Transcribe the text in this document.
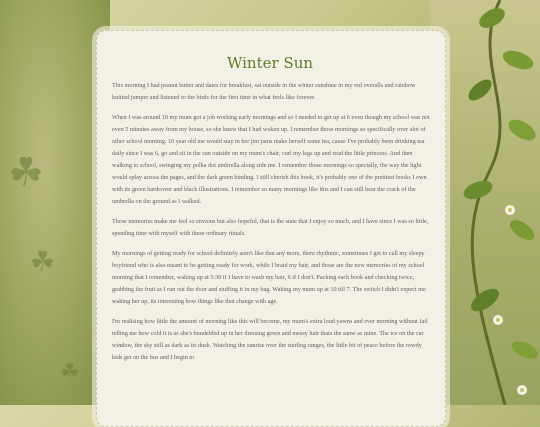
☘
☘
☘
Winter Sun

This morning I had peanut butter and dates for breakfast, sat outside in the winter sunshine in my red overalls and rainbow knitted jumper and listened to the birds for the first time in what feels like forever.

When I was around 10 my mum got a job working early mornings and so I needed to get up at 6 even though my school was not even 5 minutes away from my house, so she knew that I had woken up. I remember those mornings so specifically over alot of other school morning. 10 year old me would stay in her jim jams make herself some tea, cause I've probably been drinking tea daily since I was 6, go and sit in the sun outside on my mum's chair, curl my legs up and read the little princess. And then walking to school, swinging my polka dot umbrella along side me. I remember those mornings so specially, the way the light would splay across the pages, and the dark green binding. I still cherish this book, it's probably one of the prettiest books I own with its green hardcover and black illustrations. I remember so many mornings like this and I can still hear the crack of the umbrella on the ground as I walked.

These memories make me feel so envious but also hopeful, that is the state that I enjoy so much, and I have since I was so little, spending time with myself with these ordinary rituals.

My mornings of getting ready for school definitely aren't like that any more, there rhythmic, sometimes I get to call my sleepy boyfriend who is also meant to be getting ready for work, while I braid my hair, and those are the new memories of my school morning that I remember, waking up at 5:30 if I have to wash my hair, 6 if I don't. Packing each book and checking twice, grabbing the fruit as I run out the door and stuffing it in my bag. Waking my mum up at 10 till 7. The switch I didn't expect me waking her up, its interesting how things like that change with age.

I'm realising how little the amount of morning like this will become, my mum's extra loud yawns and ever morning without fail telling me how cold it is as she's bundelded up in her dressing gown and messy hair thats the same as mine. The ice on the car window, the sky still as dark as its dusk. Watching the sunrise over the sterling ranges, the little bit of peace before the rowdy kids get on the bus and I begin to
